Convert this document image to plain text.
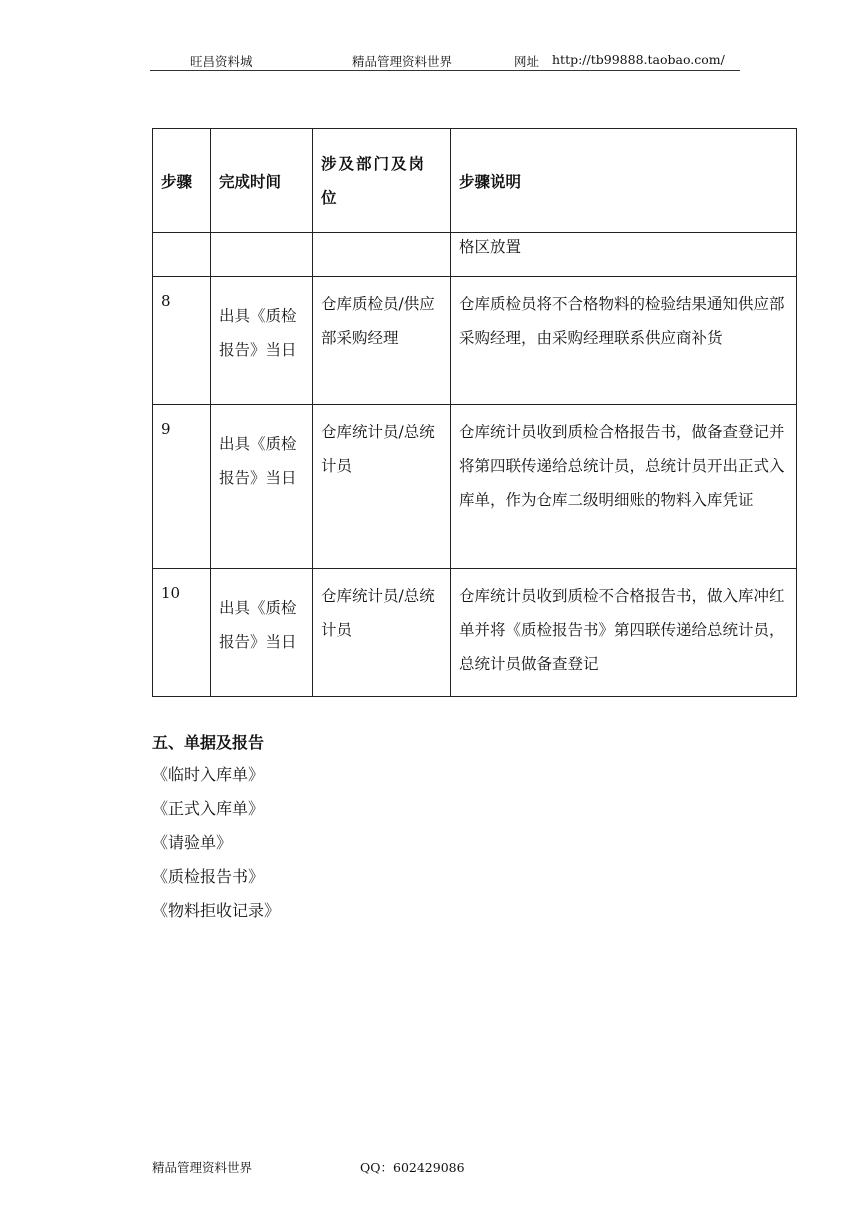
旺昌资料城	精品管理资料世界	网址 http://tb99888.taobao.com/
步骤	完成时间	涉及部门及岗位	步骤说明

			格区放置

8	出具《质检报告》当日	仓库质检员/供应部采购经理	仓库质检员将不合格物料的检验结果通知供应部采购经理，由采购经理联系供应商补货

9	出具《质检报告》当日	仓库统计员/总统计员	仓库统计员收到质检合格报告书，做备查登记并将第四联传递给总统计员，总统计员开出正式入库单，作为仓库二级明细账的物料入库凭证

10	出具《质检报告》当日	仓库统计员/总统计员	仓库统计员收到质检不合格报告书，做入库冲红单并将《质检报告书》第四联传递给总统计员，总统计员做备查登记
五、单据及报告
《临时入库单》
《正式入库单》
《请验单》
《质检报告书》
《物料拒收记录》
精品管理资料世界	QQ：602429086
